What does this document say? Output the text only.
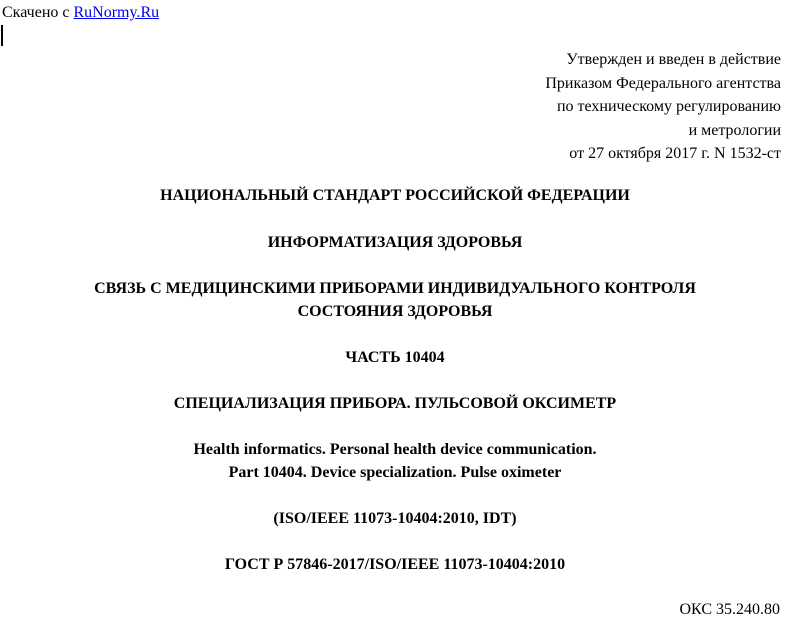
Скачено с RuNormy.Ru
Утвержден и введен в действие
Приказом Федерального агентства
по техническому регулированию
и метрологии
от 27 октября 2017 г. N 1532-ст
НАЦИОНАЛЬНЫЙ СТАНДАРТ РОССИЙСКОЙ ФЕДЕРАЦИИ
ИНФОРМАТИЗАЦИЯ ЗДОРОВЬЯ
СВЯЗЬ С МЕДИЦИНСКИМИ ПРИБОРАМИ ИНДИВИДУАЛЬНОГО КОНТРОЛЯ
СОСТОЯНИЯ ЗДОРОВЬЯ
ЧАСТЬ 10404
СПЕЦИАЛИЗАЦИЯ ПРИБОРА. ПУЛЬСОВОЙ ОКСИМЕТР
Health informatics. Personal health device communication.
Part 10404. Device specialization. Pulse oximeter
(ISO/IEEE 11073-10404:2010, IDT)
ГОСТ Р 57846-2017/ISO/IEEE 11073-10404:2010
ОКС 35.240.80
